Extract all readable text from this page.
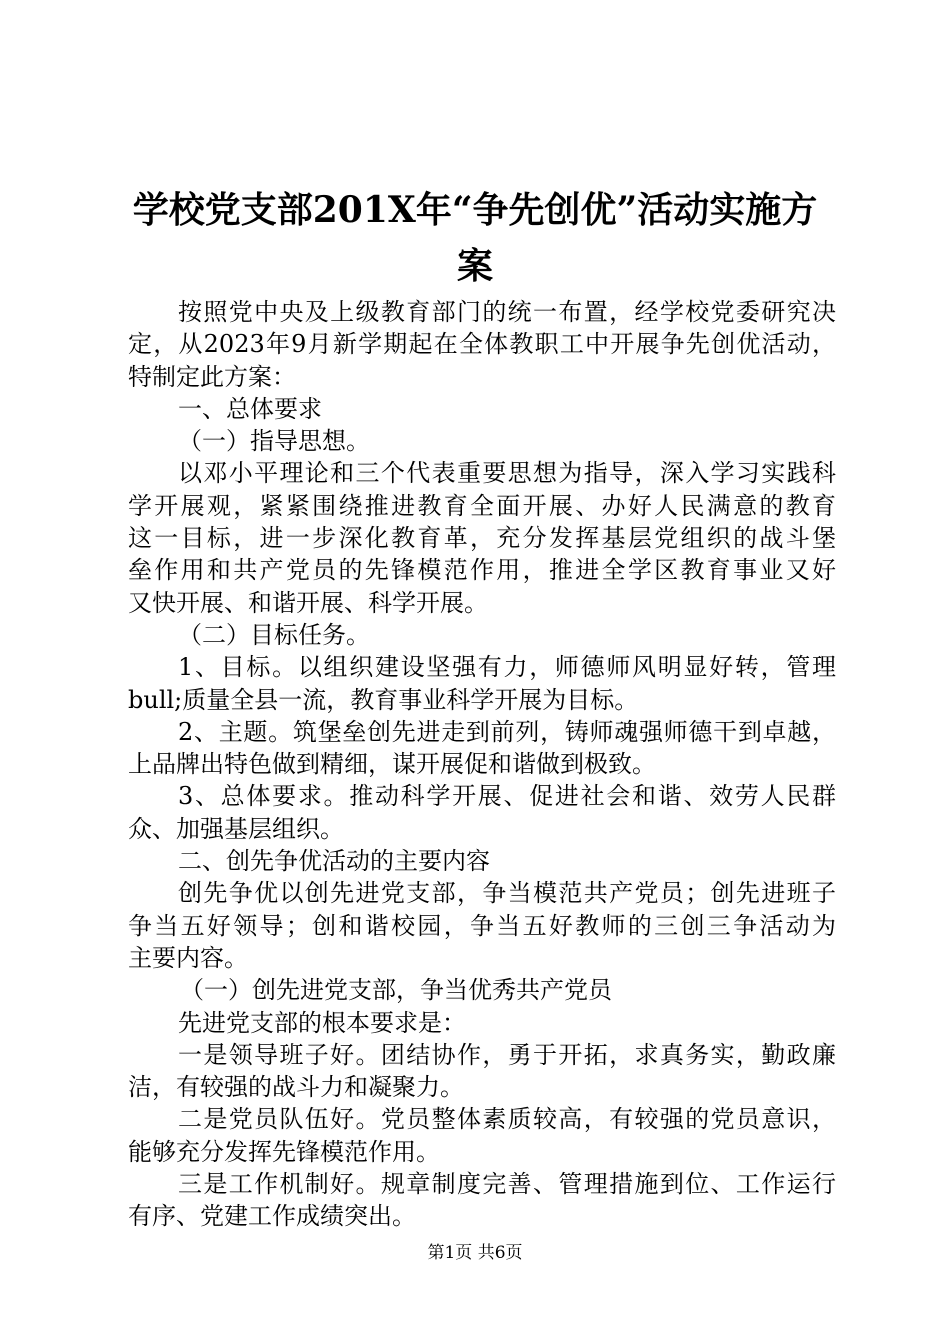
学校党支部201X年“争先创优”活动实施方
案
按照党中央及上级教育部门的统一布置，经学校党委研究决
定，从2023年9月新学期起在全体教职工中开展争先创优活动，
特制定此方案：
一、总体要求
（一）指导思想。
以邓小平理论和三个代表重要思想为指导，深入学习实践科
学开展观，紧紧围绕推进教育全面开展、办好人民满意的教育
这一目标，进一步深化教育革，充分发挥基层党组织的战斗堡
垒作用和共产党员的先锋模范作用，推进全学区教育事业又好
又快开展、和谐开展、科学开展。
（二）目标任务。
1、目标。以组织建设坚强有力，师德师风明显好转，管理
bull;质量全县一流，教育事业科学开展为目标。
2、主题。筑堡垒创先进走到前列，铸师魂强师德干到卓越，
上品牌出特色做到精细，谋开展促和谐做到极致。
3、总体要求。推动科学开展、促进社会和谐、效劳人民群
众、加强基层组织。
二、创先争优活动的主要内容
创先争优以创先进党支部，争当模范共产党员；创先进班子
争当五好领导；创和谐校园，争当五好教师的三创三争活动为
主要内容。
（一）创先进党支部，争当优秀共产党员
先进党支部的根本要求是：
一是领导班子好。团结协作，勇于开拓，求真务实，勤政廉
洁，有较强的战斗力和凝聚力。
二是党员队伍好。党员整体素质较高，有较强的党员意识，
能够充分发挥先锋模范作用。
三是工作机制好。规章制度完善、管理措施到位、工作运行
有序、党建工作成绩突出。
第1页 共6页
